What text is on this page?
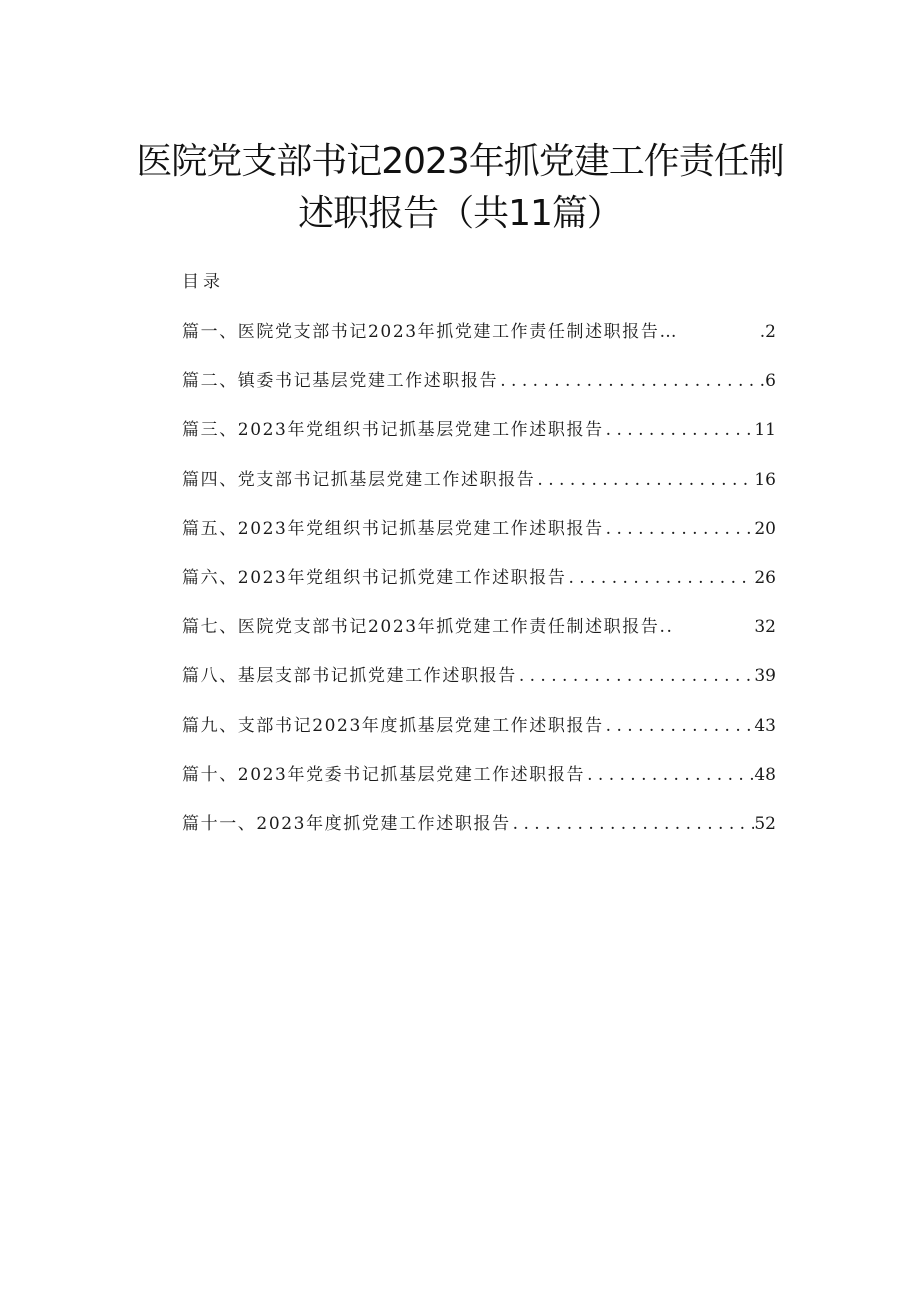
医院党支部书记2023年抓党建工作责任制
述职报告（共11篇）
目录
篇一、医院党支部书记2023年抓党建工作责任制述职报告…	.2
篇二、镇委书记基层党建工作述职报告 . . .	6
篇三、2023年党组织书记抓基层党建工作述职报告 . . .	11
篇四、党支部书记抓基层党建工作述职报告 . . .	16
篇五、2023年党组织书记抓基层党建工作述职报告 . . .	20
篇六、2023年党组织书记抓党建工作述职报告 . . .	26
篇七、医院党支部书记2023年抓党建工作责任制述职报告..	32
篇八、基层支部书记抓党建工作述职报告 . . .	39
篇九、支部书记2023年度抓基层党建工作述职报告 . . .	43
篇十、2023年党委书记抓基层党建工作述职报告 . . .	48
篇十一、2023年度抓党建工作述职报告 . . .	52
